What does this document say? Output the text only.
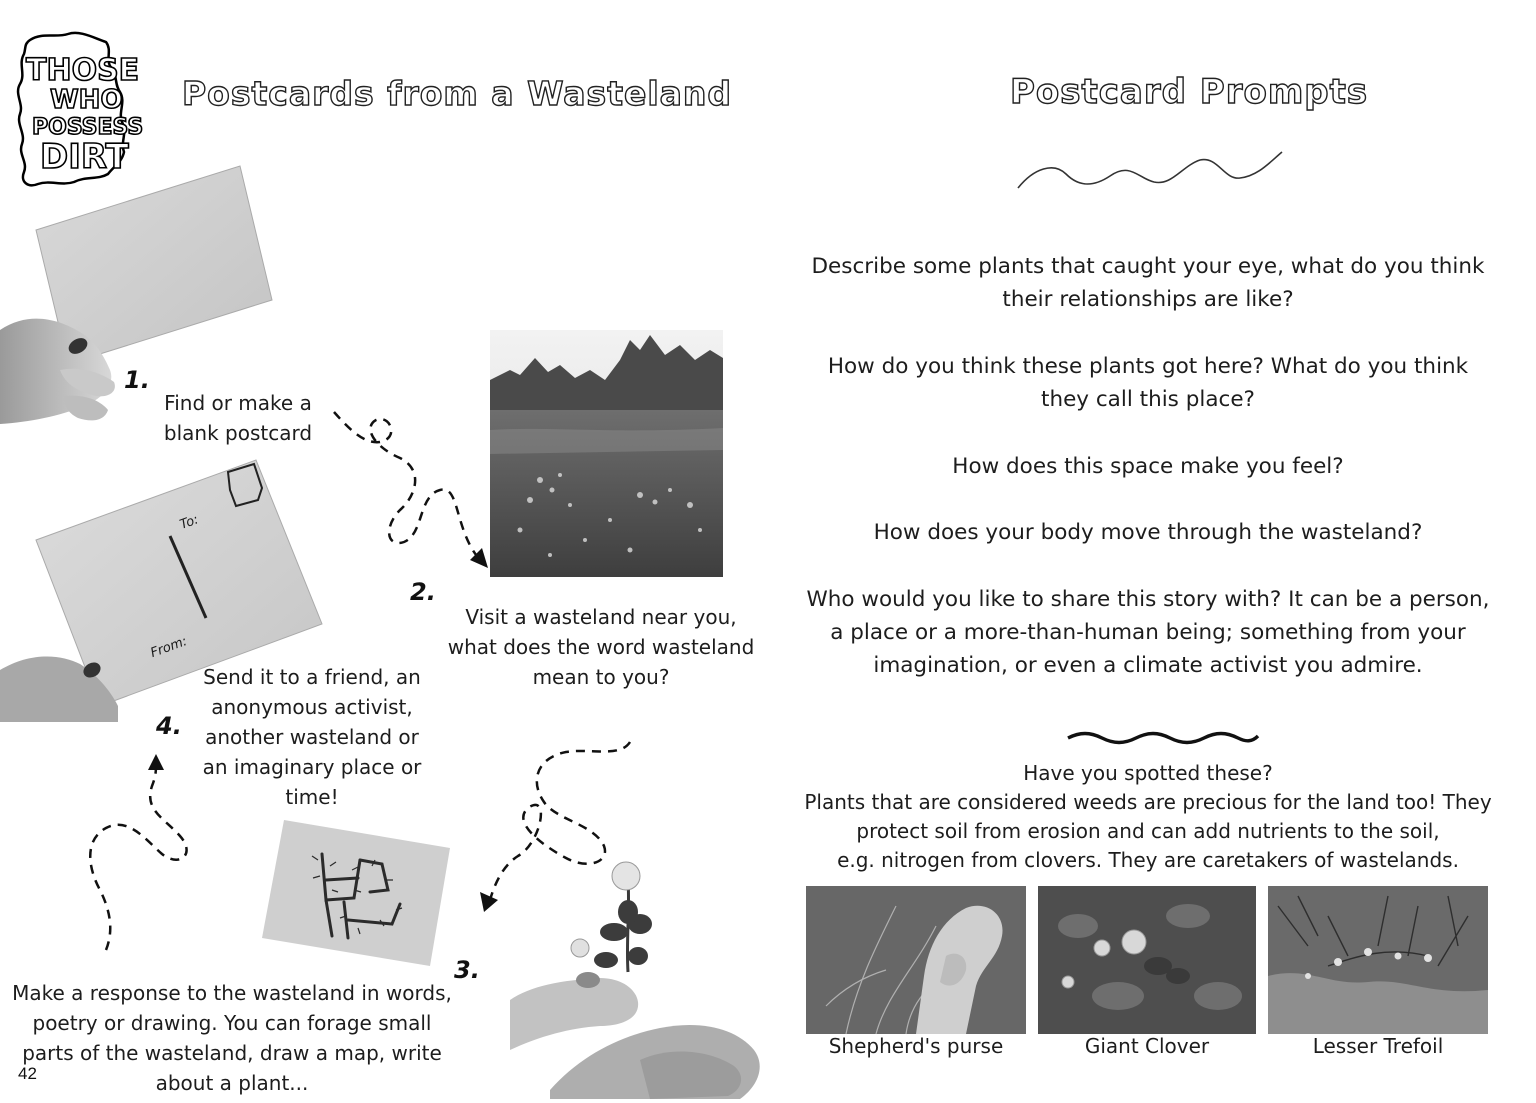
THOSE
WHO
POSSESS
DIRT
Postcards from a Wasteland
1.
Find or make a
blank postcard
2.
Visit a wasteland near you,
what does the word wasteland
mean to you?
To:
From:
4.
Send it to a friend, an
anonymous activist,
another wasteland or
an imaginary place or
time!
3.
Make a response to the wasteland in words,
poetry or drawing. You can forage small
parts of the wasteland, draw a map, write
about a plant...
42
Postcard Prompts
Describe some plants that caught your eye, what do you think
their relationships are like?
How do you think these plants got here? What do you think
they call this place?
How does this space make you feel?
How does your body move through the wasteland?
Who would you like to share this story with? It can be a person,
a place or a more-than-human being; something from your
imagination, or even a climate activist you admire.
Have you spotted these?
Plants that are considered weeds are precious for the land too! They
protect soil from erosion and can add nutrients to the soil,
e.g. nitrogen from clovers. They are caretakers of wastelands.
Shepherd's purse	Giant Clover	Lesser Trefoil
